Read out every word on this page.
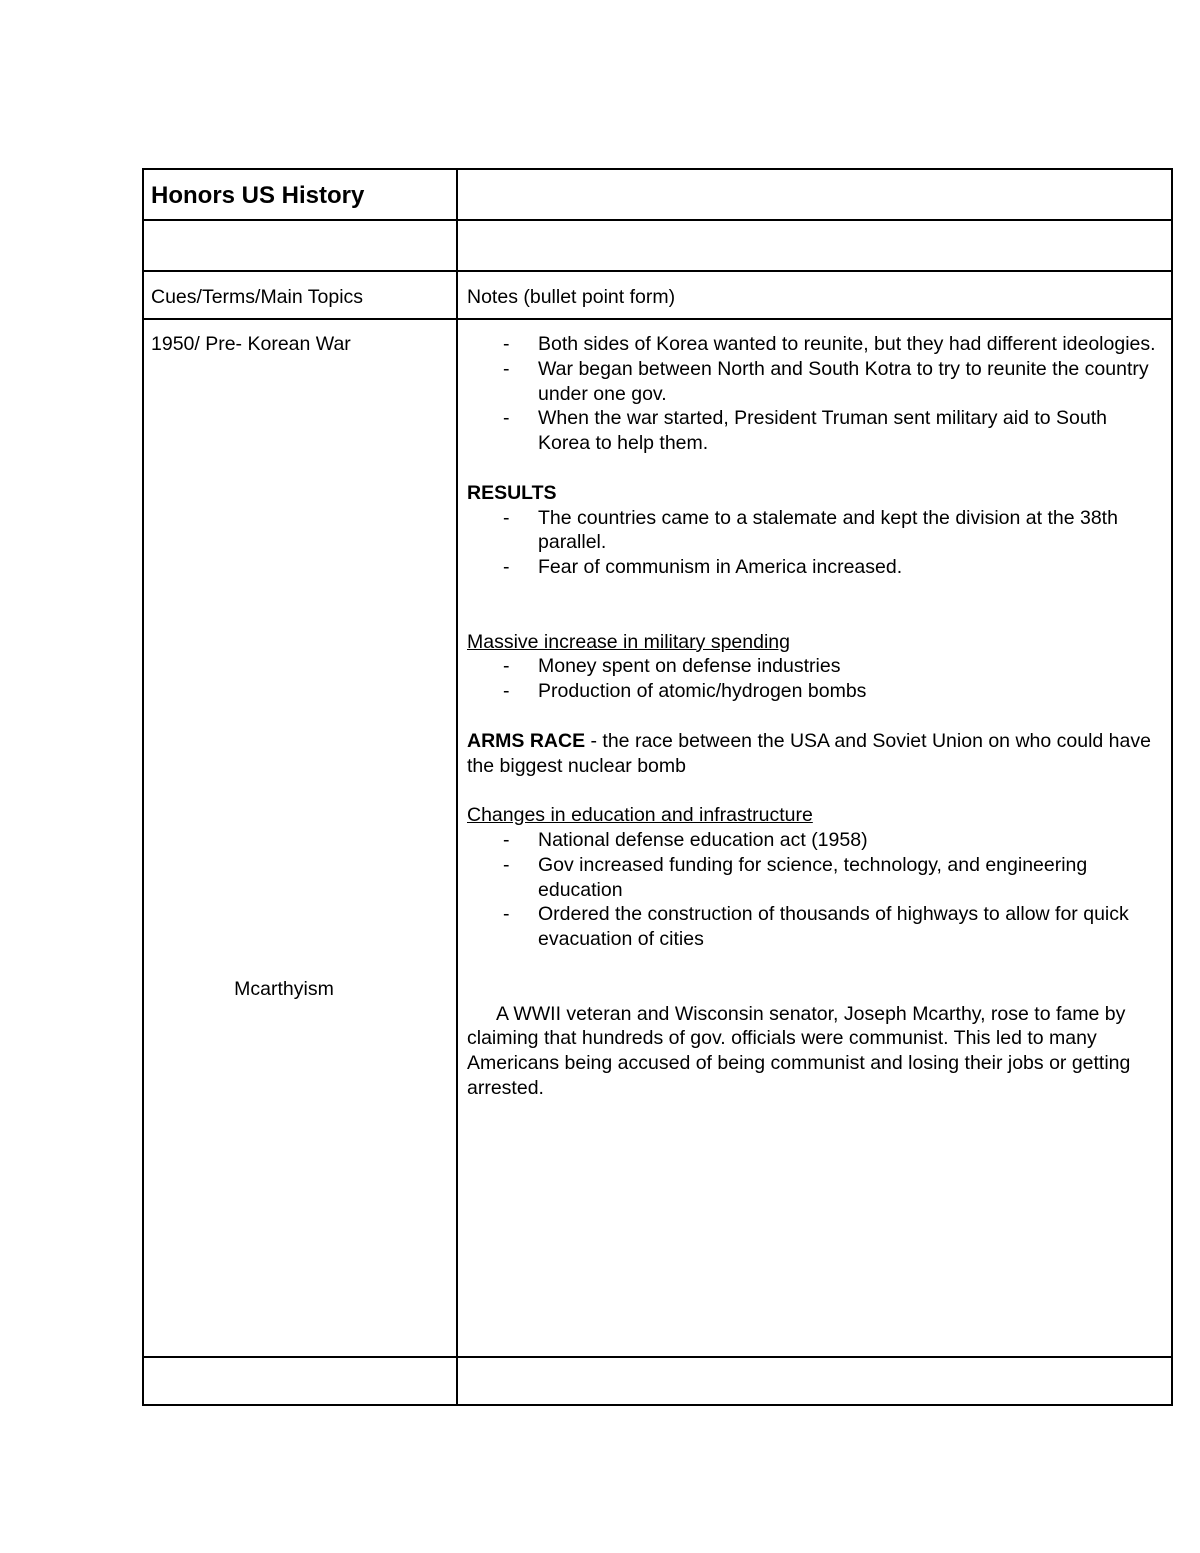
Honors US History
Cues/Terms/Main Topics	Notes (bullet point form)
1950/ Pre- Korean War
Mcarthyism
- Both sides of Korea wanted to reunite, but they had different ideologies.
- War began between North and South Kotra to try to reunite the country under one gov.
- When the war started, President Truman sent military aid to South Korea to help them.
RESULTS
- The countries came to a stalemate and kept the division at the 38th parallel.
- Fear of communism in America increased.
Massive increase in military spending
- Money spent on defense industries
- Production of atomic/hydrogen bombs
ARMS RACE - the race between the USA and Soviet Union on who could have the biggest nuclear bomb
Changes in education and infrastructure
- National defense education act (1958)
- Gov increased funding for science, technology, and engineering education
- Ordered the construction of thousands of highways to allow for quick evacuation of cities
A WWII veteran and Wisconsin senator, Joseph Mcarthy, rose to fame by claiming that hundreds of gov. officials were communist. This led to many Americans being accused of being communist and losing their jobs or getting arrested.
